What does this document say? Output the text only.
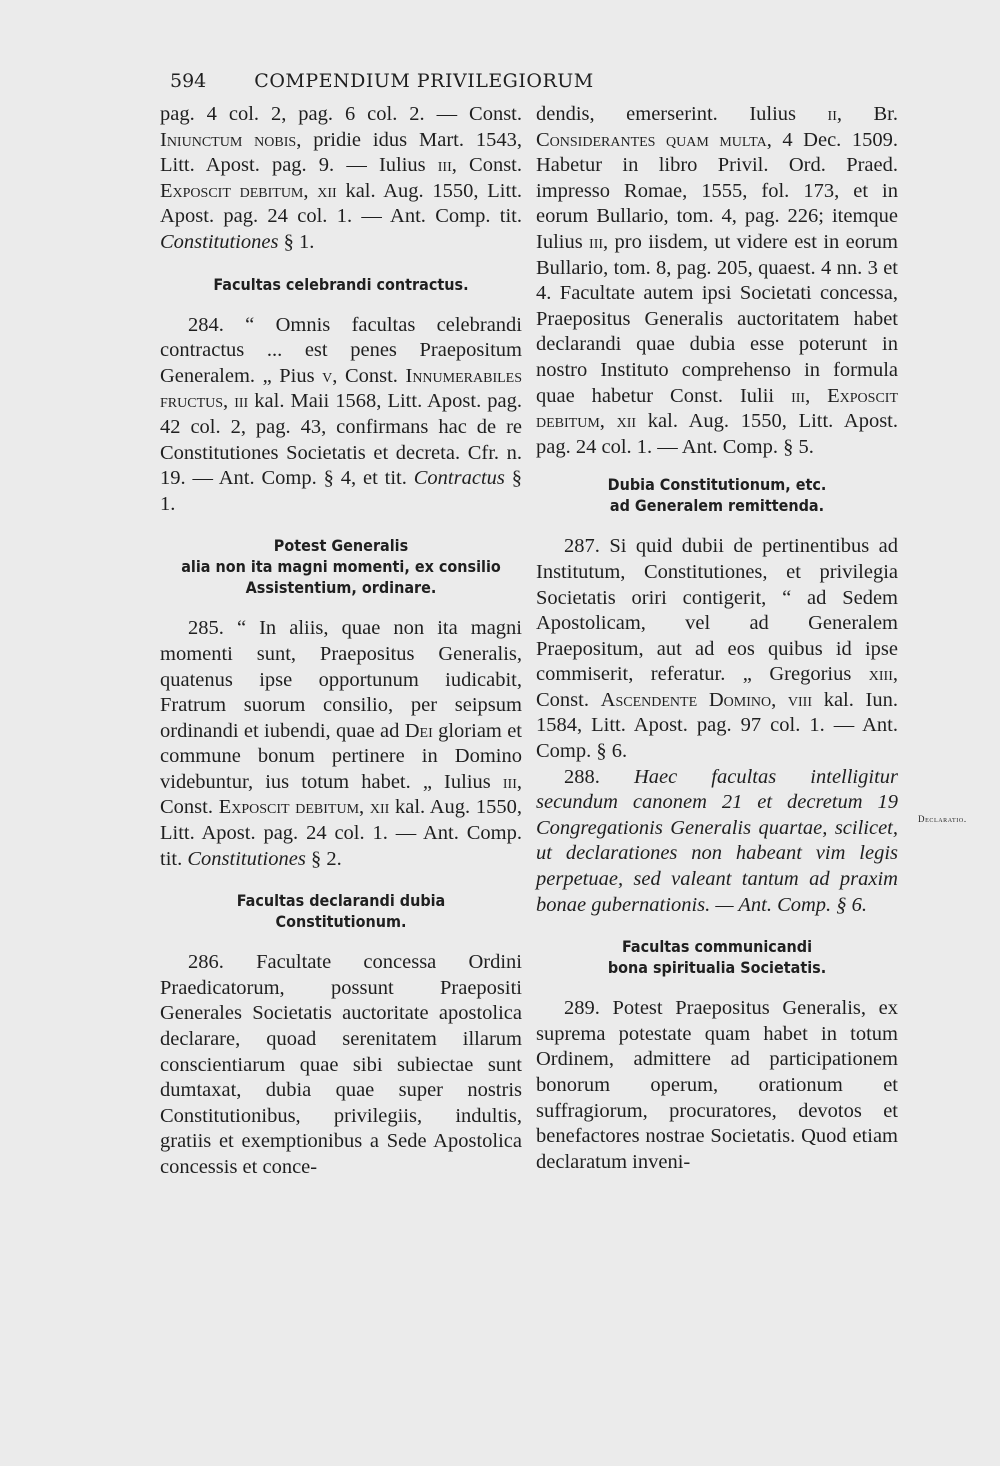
594	COMPENDIUM PRIVILEGIORUM

pag. 4 col. 2, pag. 6 col. 2. — Const. Iniunctum nobis, pridie idus Mart. 1543, Litt. Apost. pag. 9. — Iulius iii, Const. Exposcit debitum, xii kal. Aug. 1550, Litt. Apost. pag. 24 col. 1. — Ant. Comp. tit. Constitutiones § 1.

Facultas celebrandi contractus.

284. “ Omnis facultas celebrandi contractus ... est penes Praepositum Generalem. „ Pius v, Const. Innumerabiles fructus, iii kal. Maii 1568, Litt. Apost. pag. 42 col. 2, pag. 43, confirmans hac de re Constitutiones Societatis et decreta. Cfr. n. 19. — Ant. Comp. § 4, et tit. Contractus § 1.

Potest Generalis
alia non ita magni momenti, ex consilio
Assistentium, ordinare.

285. “ In aliis, quae non ita magni momenti sunt, Praepositus Generalis, quatenus ipse opportunum iudicabit, Fratrum suorum consilio, per seipsum ordinandi et iubendi, quae ad Dei gloriam et commune bonum pertinere in Domino videbuntur, ius totum habet. „ Iulius iii, Const. Exposcit debitum, xii kal. Aug. 1550, Litt. Apost. pag. 24 col. 1. — Ant. Comp. tit. Constitutiones § 2.

Facultas declarandi dubia
Constitutionum.

286. Facultate concessa Ordini Praedicatorum, possunt Praepositi Generales Societatis auctoritate apostolica declarare, quoad serenitatem illarum conscientiarum quae sibi subiectae sunt dumtaxat, dubia quae super nostris Constitutionibus, privilegiis, indultis, gratiis et exemptionibus a Sede Apostolica concessis et conce-

dendis, emerserint. Iulius ii, Br. Considerantes quam multa, 4 Dec. 1509. Habetur in libro Privil. Ord. Praed. impresso Romae, 1555, fol. 173, et in eorum Bullario, tom. 4, pag. 226; itemque Iulius iii, pro iisdem, ut videre est in eorum Bullario, tom. 8, pag. 205, quaest. 4 nn. 3 et 4. Facultate autem ipsi Societati concessa, Praepositus Generalis auctoritatem habet declarandi quae dubia esse poterunt in nostro Instituto comprehenso in formula quae habetur Const. Iulii iii, Exposcit debitum, xii kal. Aug. 1550, Litt. Apost. pag. 24 col. 1. — Ant. Comp. § 5.

Dubia Constitutionum, etc.
ad Generalem remittenda.

287. Si quid dubii de pertinentibus ad Institutum, Constitutiones, et privilegia Societatis oriri contigerit, “ ad Sedem Apostolicam, vel ad Generalem Praepositum, aut ad eos quibus id ipse commiserit, referatur. „ Gregorius xiii, Const. Ascendente Domino, viii kal. Iun. 1584, Litt. Apost. pag. 97 col. 1. — Ant. Comp. § 6.

288. Haec facultas intelligitur secundum canonem 21 et decretum 19 Congregationis Generalis quartae, scilicet, ut declarationes non habeant vim legis perpetuae, sed valeant tantum ad praxim bonae gubernationis. — Ant. Comp. § 6.

Facultas communicandi
bona spiritualia Societatis.

289. Potest Praepositus Generalis, ex suprema potestate quam habet in totum Ordinem, admittere ad participationem bonorum operum, orationum et suffragiorum, procuratores, devotos et benefactores nostrae Societatis. Quod etiam declaratum inveni-

Declaratio.
